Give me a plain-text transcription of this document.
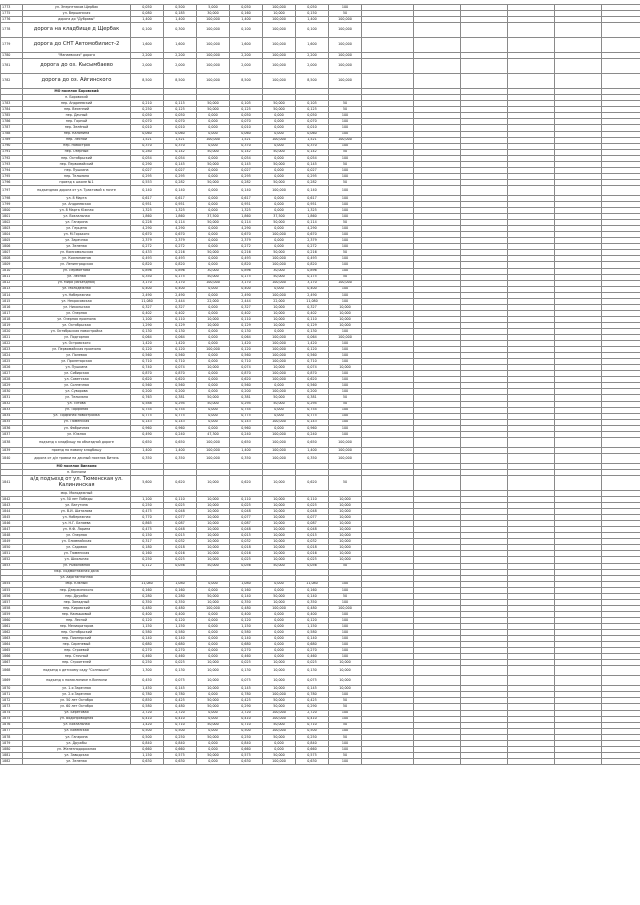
1773	ул. Энергетиков Щербак	0,050	0,500	5,000	0,050	100,000	0,050	100							
1775	ул. Вершинская	0,080	0,185	30,000	0,160	10,000	0,150	50							
1776	дорога до "Дубравы"	1,400	1,400	100,000	1,400	100,000	1,400	100,000							
1778	дорога на кладбище д Щербак	0,100	0,300	100,000	0,100	100,000	0,100	100,000							
1779	дорога до СНТ Автомобилист-2	1,600	1,600	100,000	1,600	100,000	1,600	100,000							
1780	"Манаевская" дорога	2,200	2,200	100,000	2,200	100,000	2,200	100,000							
1781	дорога до оз. Кысымбаево	2,000	2,000	100,000	2,000	100,000	2,000	100,000							
1782	дорога до оз. Айгинского	8,500	8,500	100,000	8,500	100,000	8,500	100,000							
	МО поселок Боровский														
	п. Боровский														
1783	пер. Андреевский	0,210	0,115	50,000	0,105	50,000	0,105	50							
1784	пер. Весенний	0,250	0,125	50,000	0,125	50,000	0,125	50							
1785	пер. Дачный	0,050	0,050	0,000	0,050	0,000	0,050	100							
1786	пер. Горный	0,070	0,070	0,000	0,070	0,000	0,070	100							
1787	пер. Зелёный	0,010	0,010	0,000	0,010	0,000	0,010	100							
1788	пер. Калинина	0,060	0,060	0,000	0,060	0,000	0,060	100							
1789	пер. Лесной	1,521	1,521	100,000	1,521	100,000	1,521	100,000							
1790	пер. Новостроя	0,370	0,370	0,000	0,370	0,000	0,370	100							
1791	пер. Озерный	0,280	0,142	50,000	0,142	50,000	0,142	50							
1792	пер. Октябрьский	0,054	0,054	0,000	0,054	0,000	0,054	100							
1793	пер. Первомайский	0,290	0,145	50,000	0,145	50,000	0,145	50							
1794	пер. Пушкина	0,027	0,027	0,000	0,027	0,000	0,027	100							
1795	пер. Тельмана	0,295	0,295	0,000	0,295	0,000	0,295	100							
1796	проезд к школе №1	0,553	0,282	50,000	0,282	50,000	0,282	50							
1797	подъездная дорога от ул. Трактовой к почте	0,140	0,140	0,000	0,140	100,000	0,140	100							
1798	ул. 8 Марта	0,617	0,617	0,000	0,617	0,000	0,617	100							
1799	ул. Андреевская	0,951	0,951	0,000	0,951	0,000	0,951	100							
1800	ул. 8 Марта Южная	1,325	1,325	0,000	1,325	0,000	1,325	100							
1801	ул. Вокзальная	1,860	1,860	37,500	1,860	37,500	1,860	100							
1802	ул. Гагарина	0,228	0,114	50,000	0,114	50,000	0,114	50							
1803	ул. Герцена	4,290	4,290	0,000	4,290	0,000	4,290	100							
1804	ул. М.Горького	0,670	0,670	0,000	0,670	100,000	0,670	100							
1805	ул. Заречная	2,379	2,379	0,000	2,379	0,000	2,379	100							
1806	ул. Зеленая	0,272	0,272	0,000	0,272	0,000	0,272	100							
1807	ул. Комсомольская	0,433	0,216	50,000	0,216	50,000	0,216	50							
1808	ул. Космонавтов	0,493	0,493	0,000	0,493	100,000	0,493	100							
1809	ул. Ленинградская	0,820	0,820	0,000	0,820	100,000	0,820	100							
1810	ул. Лермонтова	0,896	0,896	30,000	0,896	30,000	0,896	100							
1811	ул. Лесная	0,350	0,175	50,000	0,175	50,000	0,175	50							
1812	ул. Мира (объездная)	3,170	3,170	100,000	3,170	100,000	3,170	100,000							
1813	ул. Молодежная	0,400	0,400	0,000	0,400	0,000	0,400	100							
1814	ул. Набережная	2,490	2,490	0,000	2,490	100,000	2,490	100							
1815	ул. Некрасовская	11,080	2,444	22,000	2,444	22,000	11,080	100							
1816	ул. Никольская	0,327	0,327	0,000	0,327	10,000	0,327	10,000							
1817	ул. Озерная	0,402	0,402	0,000	0,402	10,000	0,402	10,000							
1818	ул. Озерная промзона	1,100	0,110	10,000	0,110	10,000	0,110	10,000							
1819	ул. Октябрьская	1,290	0,129	10,000	0,129	10,000	0,129	10,000							
1820	ул. Октябрьская новостройка	0,130	0,130	0,000	0,130	0,000	0,130	100							
1821	ул. Подгорная	0,064	0,064	0,000	0,064	100,000	0,064	100,000							
1822	ул. Островского	1,420	1,420	0,000	1,420	100,000	1,420	100							
1823	ул. Первомайская промзона	0,120	0,120	100,000	0,120	100,000	0,120	100							
1824	ул. Полевая	0,560	0,560	0,000	0,560	100,000	0,560	100							
1825	ул. Пролетарская	0,710	0,710	0,000	0,710	100,000	0,710	100							
1826	ул. Пушкина	0,740	0,074	10,000	0,074	10,000	0,074	10,000							
1827	ул. Сибирская	0,870	0,870	0,000	0,870	100,000	0,870	100							
1828	ул. Советская	0,620	0,620	0,000	0,620	100,000	0,620	100							
1829	ул. Солнечная	0,560	0,560	0,000	0,560	0,000	0,560	100							
1830	ул. Суворова	0,200	0,200	0,000	0,200	100,000	0,200	100							
1831	ул. Тельмана	0,763	0,381	50,000	0,381	50,000	0,381	50							
1832	ул. Титова	0,588	0,294	50,000	0,294	50,000	0,294	50							
1833	ул. Торфяная	0,754	0,754	0,000	0,754	0,000	0,754	100							
1834	ул. Торфяная новостройка	0,775	0,775	0,000	0,775	0,000	0,775	100							
1835	ул. Тюменская	0,143	0,143	0,000	0,143	100,000	0,143	100							
1836	ул. Фабричная	0,960	0,960	0,000	0,960	0,000	0,960	100							
1837	ул. Южная	0,490	0,240	47,300	0,240	100,000	0,240	100							
1838	подъезд к кладбищу по объездной дороге	0,650	0,650	100,000	0,650	100,000	0,650	100,000							
1839	проезд по новому кладбищу	1,400	1,400	100,000	1,400	100,000	1,400	100,000							
1840	дорога от д/л травки на дачный поселок Витязь	0,350	0,350	100,000	0,350	100,000	0,350	100,000							
	МО поселок Винзили														
	п. Винзили														
1841	а/д подъезд от ул. Тюменская ул. Калининская	5,600	0,620	10,000	0,620	10,000	0,620	50							
	мкр. Молодежный														
1842	ул. 50 лет Победы	1,100	0,110	10,000	0,110	10,000	0,110	10,000							
1843	ул. Ватутина	0,250	0,025	10,000	0,025	10,000	0,025	10,000							
1844	ул. В.И. Шаталова	0,475	0,048	10,000	0,048	10,000	0,048	10,000							
1845	ул. Набережная	0,770	0,077	10,000	0,077	10,000	0,077	10,000							
1846	ул. Н.Г. Беляева	0,865	0,087	10,000	0,087	10,000	0,087	10,000							
1847	ул. Н.Ф. Ларина	0,475	0,048	10,000	0,048	10,000	0,048	10,000							
1848	ул. Озерная	0,150	0,015	10,000	0,015	10,000	0,015	10,000							
1849	ул. Олимпийская	0,317	0,032	10,000	0,032	10,000	0,032	10,000							
1850	ул. Садовая	0,180	0,018	10,000	0,018	10,000	0,018	10,000							
1851	ул. Тюменская	0,160	0,016	10,000	0,016	10,000	0,016	10,000							
1852	ул. Школьная	0,250	0,025	10,000	0,025	10,000	0,025	10,000							
1853	ул. Рыболовная	0,112	0,056	50,000	0,056	50,000	0,056	50							
	мкр. Подмонтажная дача														
	ул. Аэрстантонная														
1854	мкр. Южный	11,080	1,080	0,000	1,080	0,000	11,080	100							
1855	пер. Дзержинского	0,160	0,160	0,000	0,160	0,000	0,160	100							
1856	пер. Дружбы	0,280	0,280	50,000	0,140	50,000	0,140	50							
1857	пер. Западный	0,350	0,350	10,000	0,350	10,000	0,350	100							
1858	пер. Кировский	0,480	0,480	100,000	0,480	100,000	0,480	100,000							
1859	пер. Камышовый	0,400	0,400	0,000	0,400	0,000	0,400	100							
1860	пер. Лесной	0,120	0,120	0,000	0,120	0,000	0,120	100							
1861	пер. Мелиораторов	1,150	1,150	0,000	1,150	0,000	1,150	100							
1862	пер. Октябрьский	0,580	0,580	0,000	0,580	0,000	0,580	100							
1863	пер. Пионерский	0,140	0,140	0,000	0,140	0,000	0,140	100							
1864	пер. Сиреневый	0,680	0,680	0,000	0,680	0,000	0,680	100							
1865	пер. Строевой	0,270	0,270	0,000	0,270	0,000	0,270	100							
1866	пер. Сточный	0,460	0,460	0,000	0,460	0,000	0,460	100							
1867	пер. Строителей	0,250	0,025	10,000	0,025	10,000	0,025	10,000							
1868	подъезд к детскому саду "Солнышко"	1,300	0,130	10,000	0,130	10,000	0,130	10,000							
1869	подъезд к поликлинике п.Винзили	0,450	0,075	10,000	0,075	10,000	0,075	10,000							
1870	ул. 1-я Заречная	1,450	0,145	10,000	0,145	10,000	0,145	10,000							
1871	ул. 2-я Заречная	0,780	0,780	0,000	0,780	100,000	0,780	100							
1872	ул. 50 лет Октября	0,850	0,425	50,000	0,425	50,000	0,425	50							
1873	ул. 60 лет Октября	0,580	0,480	50,000	0,290	50,000	0,290	50							
1874	ул. Береговая	2,720	2,720	0,000	2,720	100,000	2,720	100							
1875	ул. Водопроводная	0,410	0,410	0,000	0,410	100,000	0,410	100							
1876	ул. Вокзальная	1,420	0,710	50,000	0,710	50,000	0,710	50							
1877	ул. Вяземская	0,500	0,500	0,000	0,500	100,000	0,500	100							
1878	ул. Гагарина	0,500	0,250	50,000	0,250	50,000	0,250	50							
1879	ул. Дружбы	0,840	0,840	0,000	0,840	0,000	0,840	100							
1880	ул. Железнодорожная	0,660	0,660	0,000	0,660	0,000	0,660	100							
1881	ул. Заводская	1,150	0,575	50,000	0,575	50,000	0,575	50							
1882	ул. Зеленая	0,630	0,630	0,000	0,630	100,000	0,630	100							
